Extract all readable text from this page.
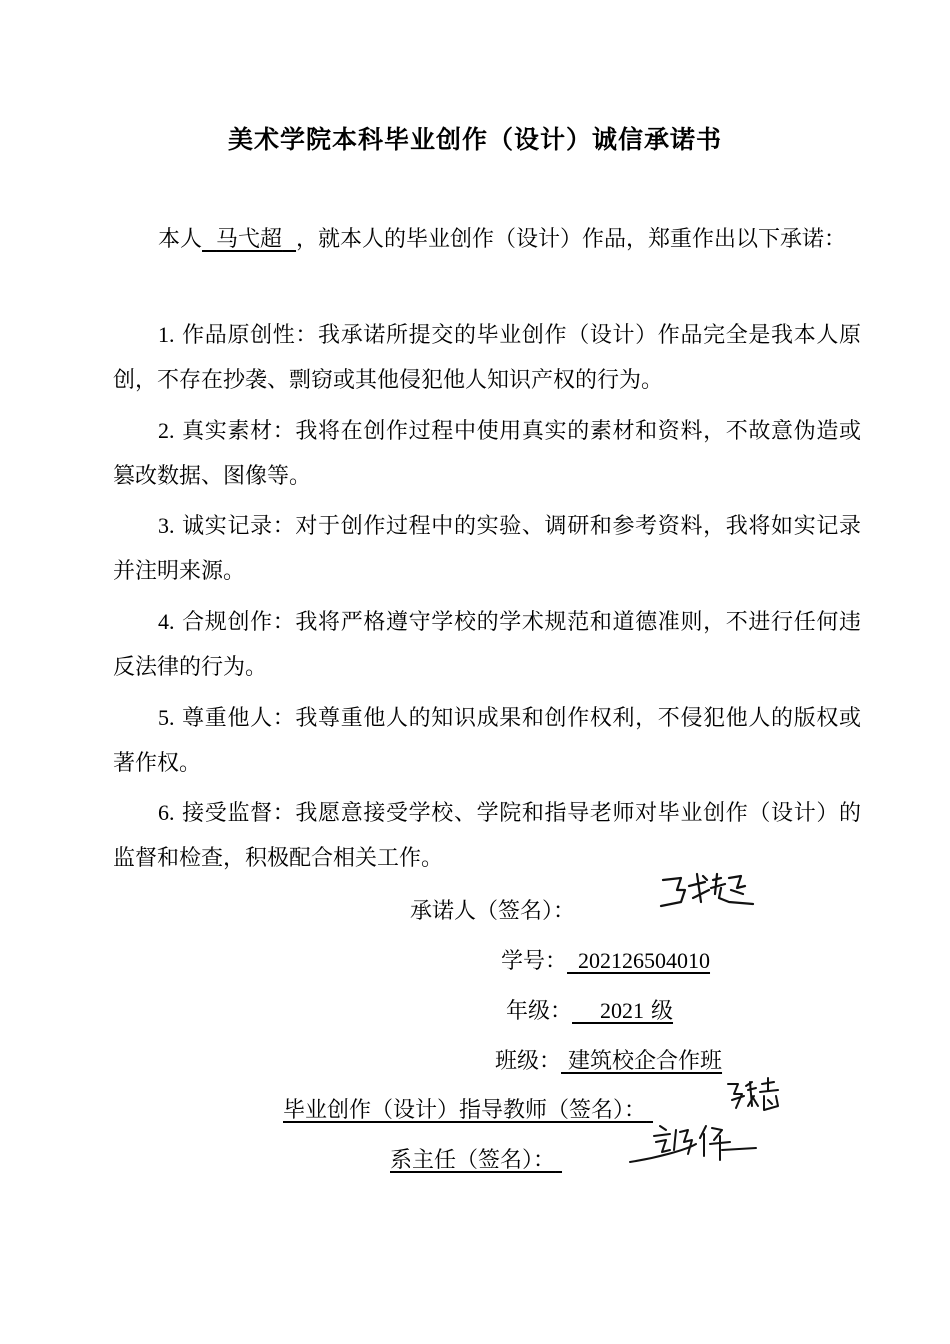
美术学院本科毕业创作（设计）诚信承诺书
本人 马弋超 ，就本人的毕业创作（设计）作品，郑重作出以下承诺：
1. 作品原创性：我承诺所提交的毕业创作（设计）作品完全是我本人原创，不存在抄袭、剽窃或其他侵犯他人知识产权的行为。
2. 真实素材：我将在创作过程中使用真实的素材和资料，不故意伪造或篡改数据、图像等。
3. 诚实记录：对于创作过程中的实验、调研和参考资料，我将如实记录并注明来源。
4. 合规创作：我将严格遵守学校的学术规范和道德准则，不进行任何违反法律的行为。
5. 尊重他人：我尊重他人的知识成果和创作权利，不侵犯他人的版权或著作权。
6. 接受监督：我愿意接受学校、学院和指导老师对毕业创作（设计）的监督和检查，积极配合相关工作。
承诺人（签名）：
学号： 202126504010
年级： 2021 级
班级： 建筑校企合作班
毕业创作（设计）指导教师（签名）：
系主任（签名）：
